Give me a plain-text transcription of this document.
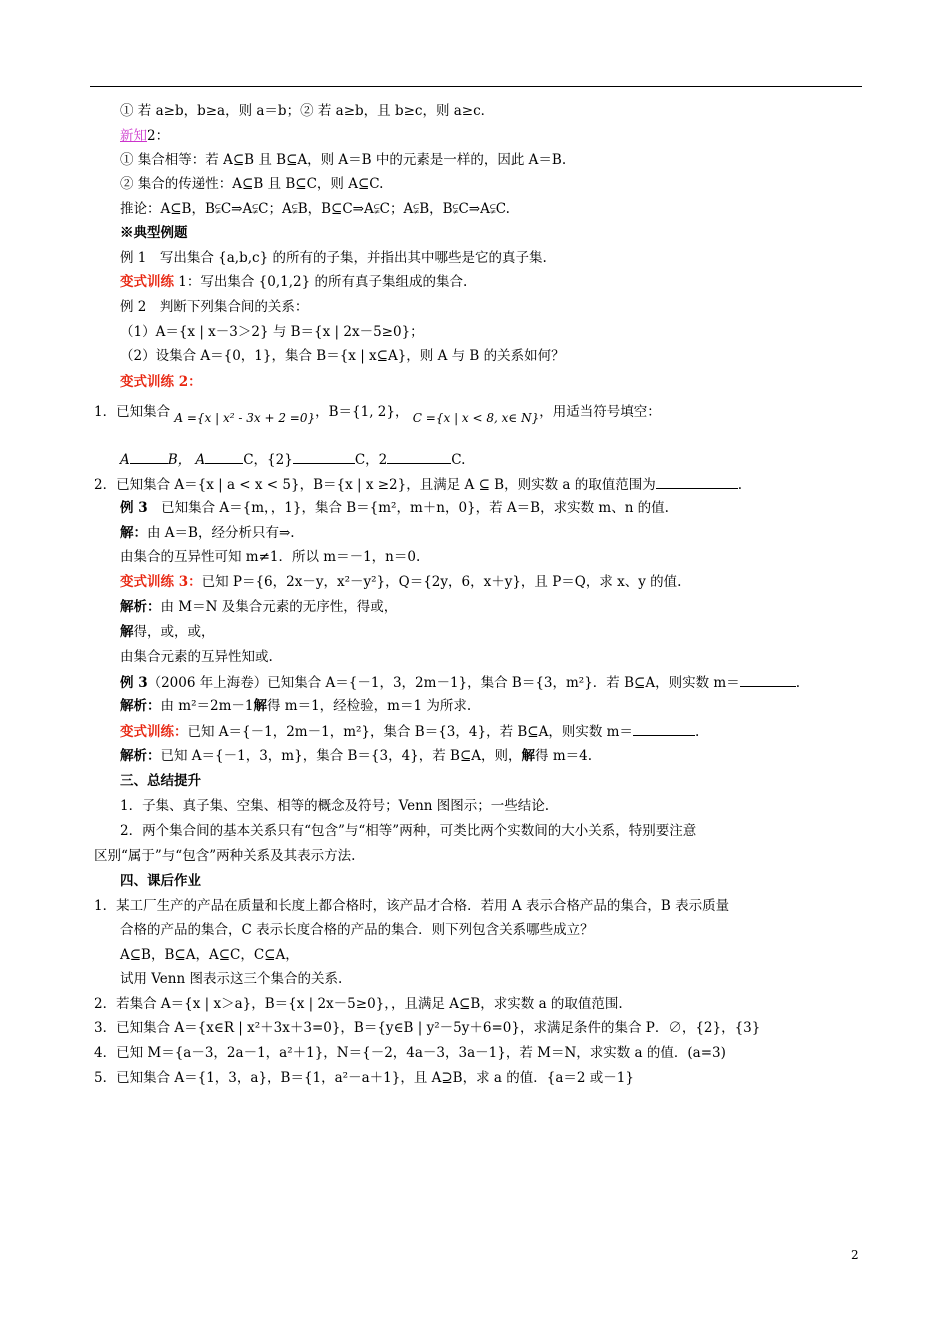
① 若 a≥b，b≥a，则 a＝b；② 若 a≥b，且 b≥c，则 a≥c．
新知2：
① 集合相等：若 A⊆B 且 B⊆A，则 A＝B 中的元素是一样的，因此 A＝B.
② 集合的传递性：A⊆B 且 B⊆C，则 A⊆C.
推论：A⊆B，B⫋C⇒A⫋C；A⫋B，B⊆C⇒A⫋C；A⫋B，B⫋C⇒A⫋C.
※典型例题
例 1　写出集合 {a,b,c} 的所有的子集，并指出其中哪些是它的真子集.
变式训练 1：写出集合 {0,1,2} 的所有真子集组成的集合.
例 2　判断下列集合间的关系：
（1）A＝{x | x－3＞2} 与 B＝{x | 2x－5≥0}；
（2）设集合 A＝{0，1}，集合 B＝{x | x⊆A}，则 A 与 B 的关系如何？
变式训练 2：
1．已知集合 A ={x | x² - 3x + 2 =0}，B＝{1, 2}， C ={x | x < 8, x∈ N}，用适当符号填空：
A	B， A	C，{2}	C，2	C.
2．已知集合 A＝{x | a < x < 5}，B＝{x | x ≥2}，且满足 A ⊆ B，则实数 a 的取值范围为	.
例 3　已知集合 A＝{m，，1}，集合 B＝{m²，m＋n，0}，若 A＝B，求实数 m、n 的值.
解：由 A＝B，经分析只有⇒.
由集合的互异性可知 m≠1．所以 m＝－1，n＝0.
变式训练 3：已知 P＝{6，2x－y，x²－y²}，Q＝{2y，6，x＋y}，且 P＝Q，求 x、y 的值.
解析：由 M＝N 及集合元素的无序性，得或，
解得，或，或，
由集合元素的互异性知或.
例 3（2006 年上海卷）已知集合 A＝{－1，3，2m－1}，集合 B＝{3，m²}．若 B⊆A，则实数 m＝	.
解析：由 m²＝2m－1解得 m＝1，经检验，m＝1 为所求.
变式训练：已知 A＝{－1，2m－1，m²}，集合 B＝{3，4}，若 B⊆A，则实数 m＝	.
解析：已知 A＝{－1，3，m}，集合 B＝{3，4}，若 B⊆A，则，解得 m＝4.
三、总结提升
1．子集、真子集、空集、相等的概念及符号；Venn 图图示；一些结论.
2．两个集合间的基本关系只有“包含”与“相等”两种，可类比两个实数间的大小关系，特别要注意
区别“属于”与“包含”两种关系及其表示方法.
四、课后作业
1．某工厂生产的产品在质量和长度上都合格时，该产品才合格．若用 A 表示合格产品的集合，B 表示质量
合格的产品的集合，C 表示长度合格的产品的集合．则下列包含关系哪些成立？
A⊆B，B⊆A，A⊆C，C⊆A，
试用 Venn 图表示这三个集合的关系.
2．若集合 A＝{x | x＞a}，B＝{x | 2x－5≥0}，，且满足 A⊆B，求实数 a 的取值范围.
3．已知集合 A＝{x∈R | x²＋3x＋3=0}，B＝{y∈B | y²－5y＋6=0}，求满足条件的集合 P．∅，{2}，{3}
4．已知 M＝{a－3，2a－1，a²＋1}，N＝{－2，4a－3，3a－1}，若 M＝N，求实数 a 的值．(a=3)
5．已知集合 A＝{1，3，a}，B＝{1，a²－a＋1}，且 A⊇B，求 a 的值．{a＝2 或－1}
2
